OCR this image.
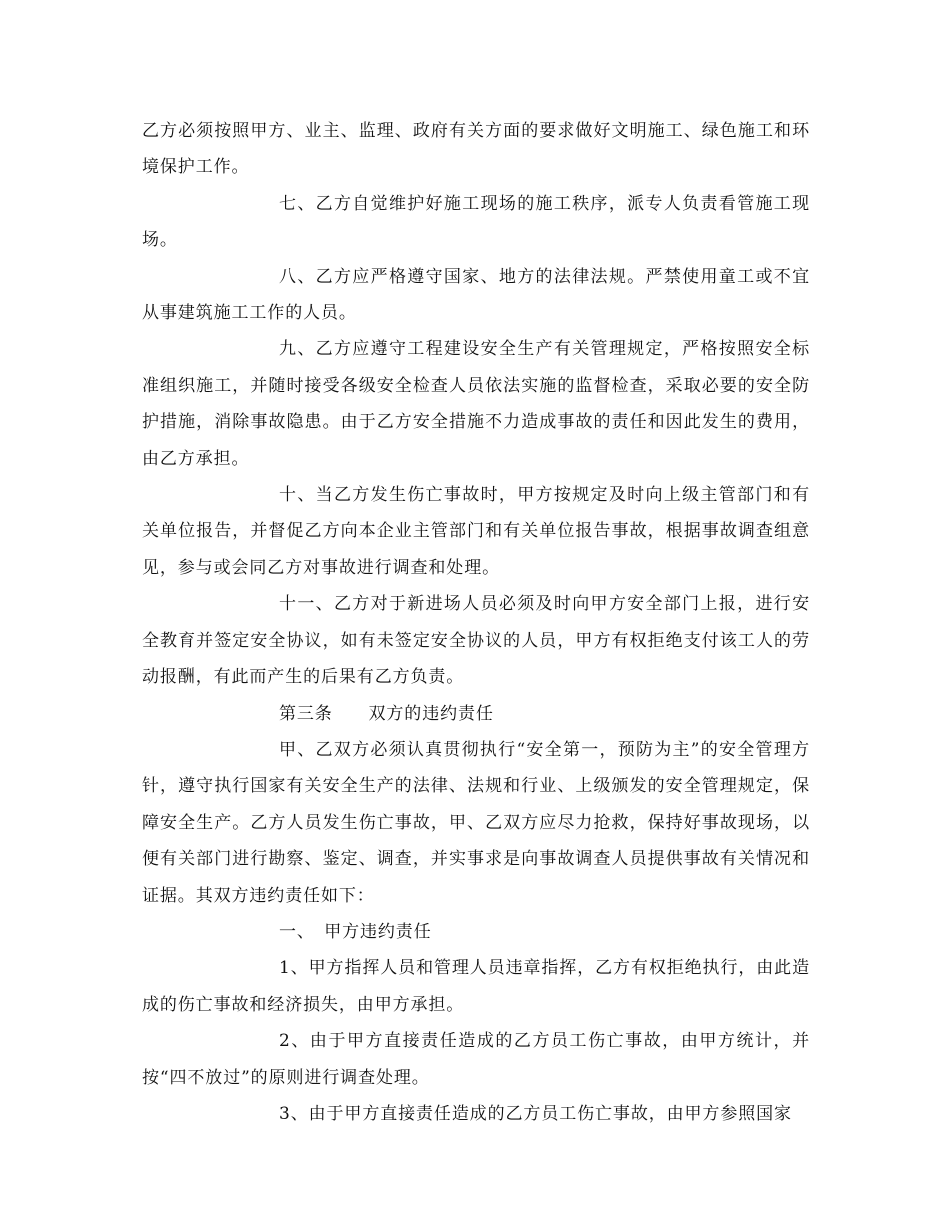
乙方必须按照甲方、业主、监理、政府有关方面的要求做好文明施工、绿色施工和环境保护工作。

七、乙方自觉维护好施工现场的施工秩序，派专人负责看管施工现场。

八、乙方应严格遵守国家、地方的法律法规。严禁使用童工或不宜从事建筑施工工作的人员。

九、乙方应遵守工程建设安全生产有关管理规定，严格按照安全标准组织施工，并随时接受各级安全检查人员依法实施的监督检查，采取必要的安全防护措施，消除事故隐患。由于乙方安全措施不力造成事故的责任和因此发生的费用，由乙方承担。

十、当乙方发生伤亡事故时，甲方按规定及时向上级主管部门和有关单位报告，并督促乙方向本企业主管部门和有关单位报告事故，根据事故调查组意见，参与或会同乙方对事故进行调查和处理。

十一、乙方对于新进场人员必须及时向甲方安全部门上报，进行安全教育并签定安全协议，如有未签定安全协议的人员，甲方有权拒绝支付该工人的劳动报酬，有此而产生的后果有乙方负责。

第三条　　双方的违约责任

甲、乙双方必须认真贯彻执行“安全第一，预防为主”的安全管理方针，遵守执行国家有关安全生产的法律、法规和行业、上级颁发的安全管理规定，保障安全生产。乙方人员发生伤亡事故，甲、乙双方应尽力抢救，保持好事故现场，以便有关部门进行勘察、鉴定、调查，并实事求是向事故调查人员提供事故有关情况和证据。其双方违约责任如下：

一、　甲方违约责任

1、甲方指挥人员和管理人员违章指挥，乙方有权拒绝执行，由此造成的伤亡事故和经济损失，由甲方承担。

2、由于甲方直接责任造成的乙方员工伤亡事故，由甲方统计，并按“四不放过”的原则进行调查处理。

3、由于甲方直接责任造成的乙方员工伤亡事故，由甲方参照国家
